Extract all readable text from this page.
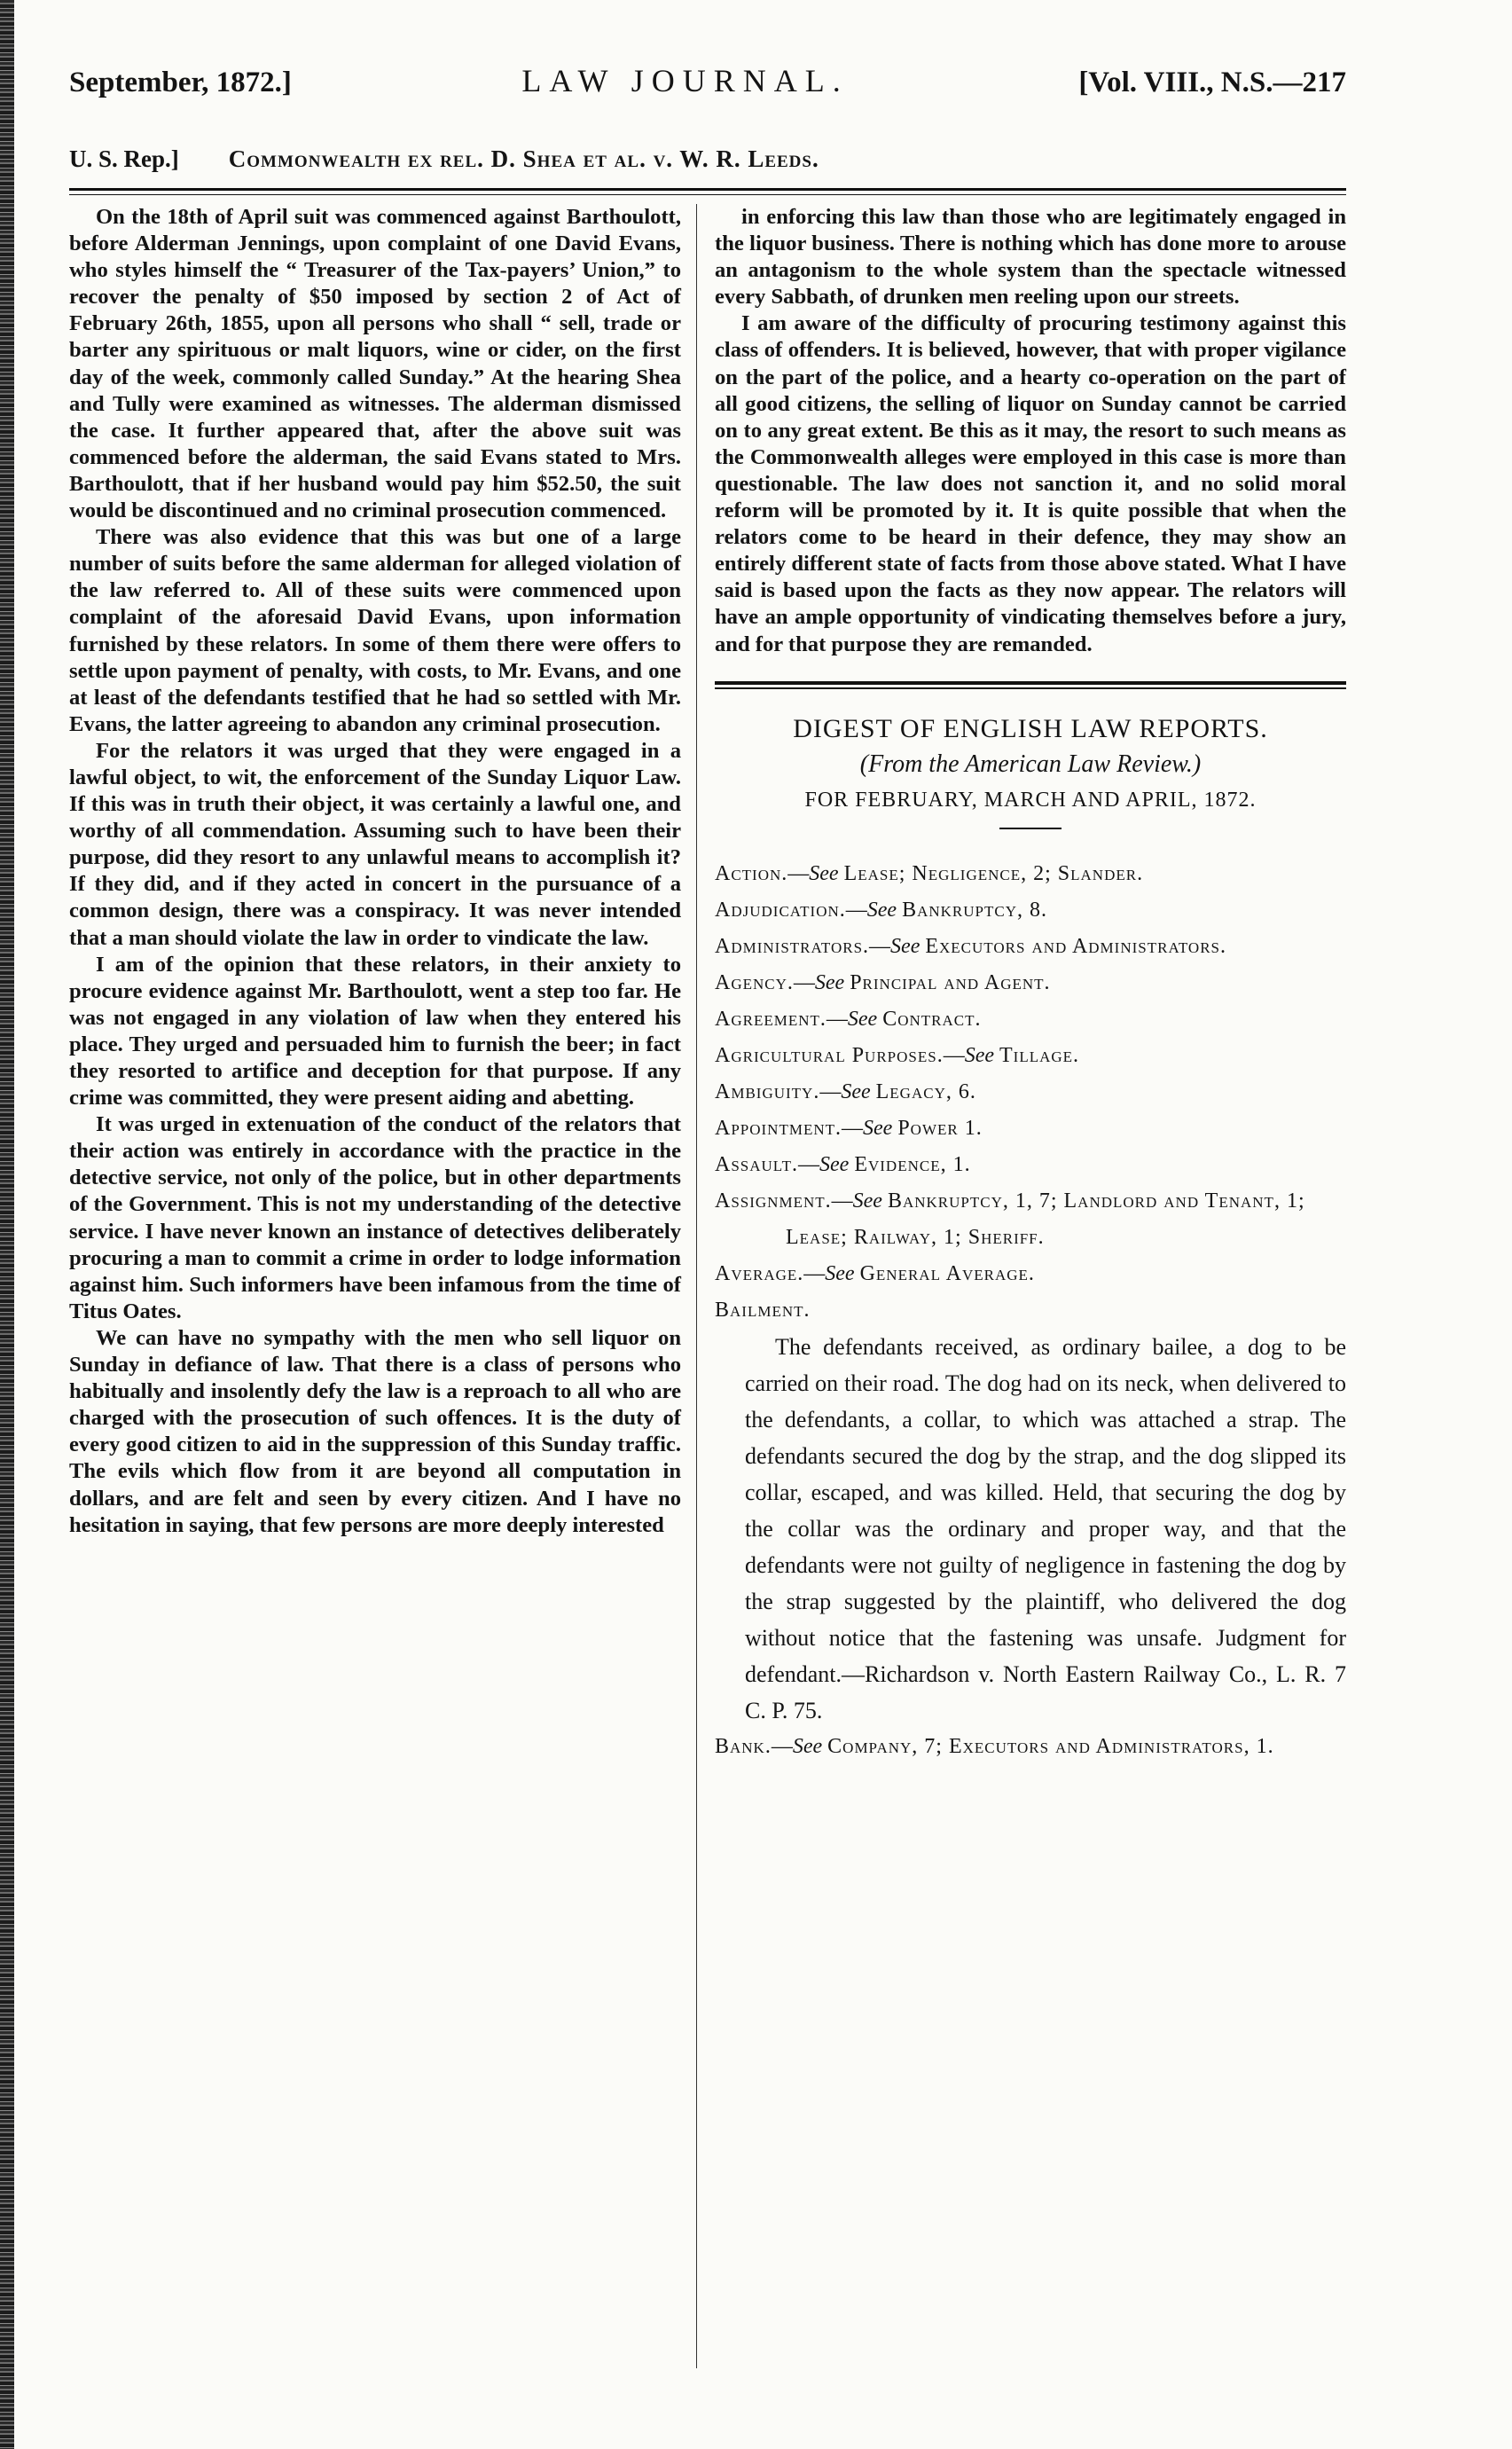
September, 1872.]	LAW JOURNAL.	[Vol. VIII., N.S.—217
U. S. Rep.] Commonwealth ex rel. D. Shea et al. v. W. R. Leeds.

On the 18th of April suit was commenced against Barthoulott, before Alderman Jennings, upon complaint of one David Evans, who styles himself the “ Treasurer of the Tax-payers’ Union,” to recover the penalty of $50 imposed by section 2 of Act of February 26th, 1855, upon all persons who shall “ sell, trade or barter any spirituous or malt liquors, wine or cider, on the first day of the week, commonly called Sunday.” At the hearing Shea and Tully were examined as witnesses. The alderman dismissed the case. It further appeared that, after the above suit was commenced before the alderman, the said Evans stated to Mrs. Barthoulott, that if her husband would pay him $52.50, the suit would be discontinued and no criminal prosecution commenced.

There was also evidence that this was but one of a large number of suits before the same alderman for alleged violation of the law referred to. All of these suits were commenced upon complaint of the aforesaid David Evans, upon information furnished by these relators. In some of them there were offers to settle upon payment of penalty, with costs, to Mr. Evans, and one at least of the defendants testified that he had so settled with Mr. Evans, the latter agreeing to abandon any criminal prosecution.

For the relators it was urged that they were engaged in a lawful object, to wit, the enforcement of the Sunday Liquor Law. If this was in truth their object, it was certainly a lawful one, and worthy of all commendation. Assuming such to have been their purpose, did they resort to any unlawful means to accomplish it? If they did, and if they acted in concert in the pursuance of a common design, there was a conspiracy. It was never intended that a man should violate the law in order to vindicate the law.

I am of the opinion that these relators, in their anxiety to procure evidence against Mr. Barthoulott, went a step too far. He was not engaged in any violation of law when they entered his place. They urged and persuaded him to furnish the beer; in fact they resorted to artifice and deception for that purpose. If any crime was committed, they were present aiding and abetting.

It was urged in extenuation of the conduct of the relators that their action was entirely in accordance with the practice in the detective service, not only of the police, but in other departments of the Government. This is not my understanding of the detective service. I have never known an instance of detectives deliberately procuring a man to commit a crime in order to lodge information against him. Such informers have been infamous from the time of Titus Oates.

We can have no sympathy with the men who sell liquor on Sunday in defiance of law. That there is a class of persons who habitually and insolently defy the law is a reproach to all who are charged with the prosecution of such offences. It is the duty of every good citizen to aid in the suppression of this Sunday traffic. The evils which flow from it are beyond all computation in dollars, and are felt and seen by every citizen. And I have no hesitation in saying, that few persons are more deeply interested

in enforcing this law than those who are legitimately engaged in the liquor business. There is nothing which has done more to arouse an antagonism to the whole system than the spectacle witnessed every Sabbath, of drunken men reeling upon our streets.

I am aware of the difficulty of procuring testimony against this class of offenders. It is believed, however, that with proper vigilance on the part of the police, and a hearty co-operation on the part of all good citizens, the selling of liquor on Sunday cannot be carried on to any great extent. Be this as it may, the resort to such means as the Commonwealth alleges were employed in this case is more than questionable. The law does not sanction it, and no solid moral reform will be promoted by it. It is quite possible that when the relators come to be heard in their defence, they may show an entirely different state of facts from those above stated. What I have said is based upon the facts as they now appear. The relators will have an ample opportunity of vindicating themselves before a jury, and for that purpose they are remanded.

DIGEST OF ENGLISH LAW REPORTS.
(From the American Law Review.)
FOR FEBRUARY, MARCH AND APRIL, 1872.
Action.—See Lease; Negligence, 2; Slander.
Adjudication.—See Bankruptcy, 8.
Administrators.—See Executors and Administrators.
Agency.—See Principal and Agent.
Agreement.—See Contract.
Agricultural Purposes.—See Tillage.
Ambiguity.—See Legacy, 6.
Appointment.—See Power 1.
Assault.—See Evidence, 1.
Assignment.—See Bankruptcy, 1, 7; Landlord and Tenant, 1; Lease; Railway, 1; Sheriff.
Average.—See General Average.
Bailment.
The defendants received, as ordinary bailee, a dog to be carried on their road. The dog had on its neck, when delivered to the defendants, a collar, to which was attached a strap. The defendants secured the dog by the strap, and the dog slipped its collar, escaped, and was killed. Held, that securing the dog by the collar was the ordinary and proper way, and that the defendants were not guilty of negligence in fastening the dog by the strap suggested by the plaintiff, who delivered the dog without notice that the fastening was unsafe. Judgment for defendant.—Richardson v. North Eastern Railway Co., L. R. 7 C. P. 75.
Bank.—See Company, 7; Executors and Administrators, 1.
